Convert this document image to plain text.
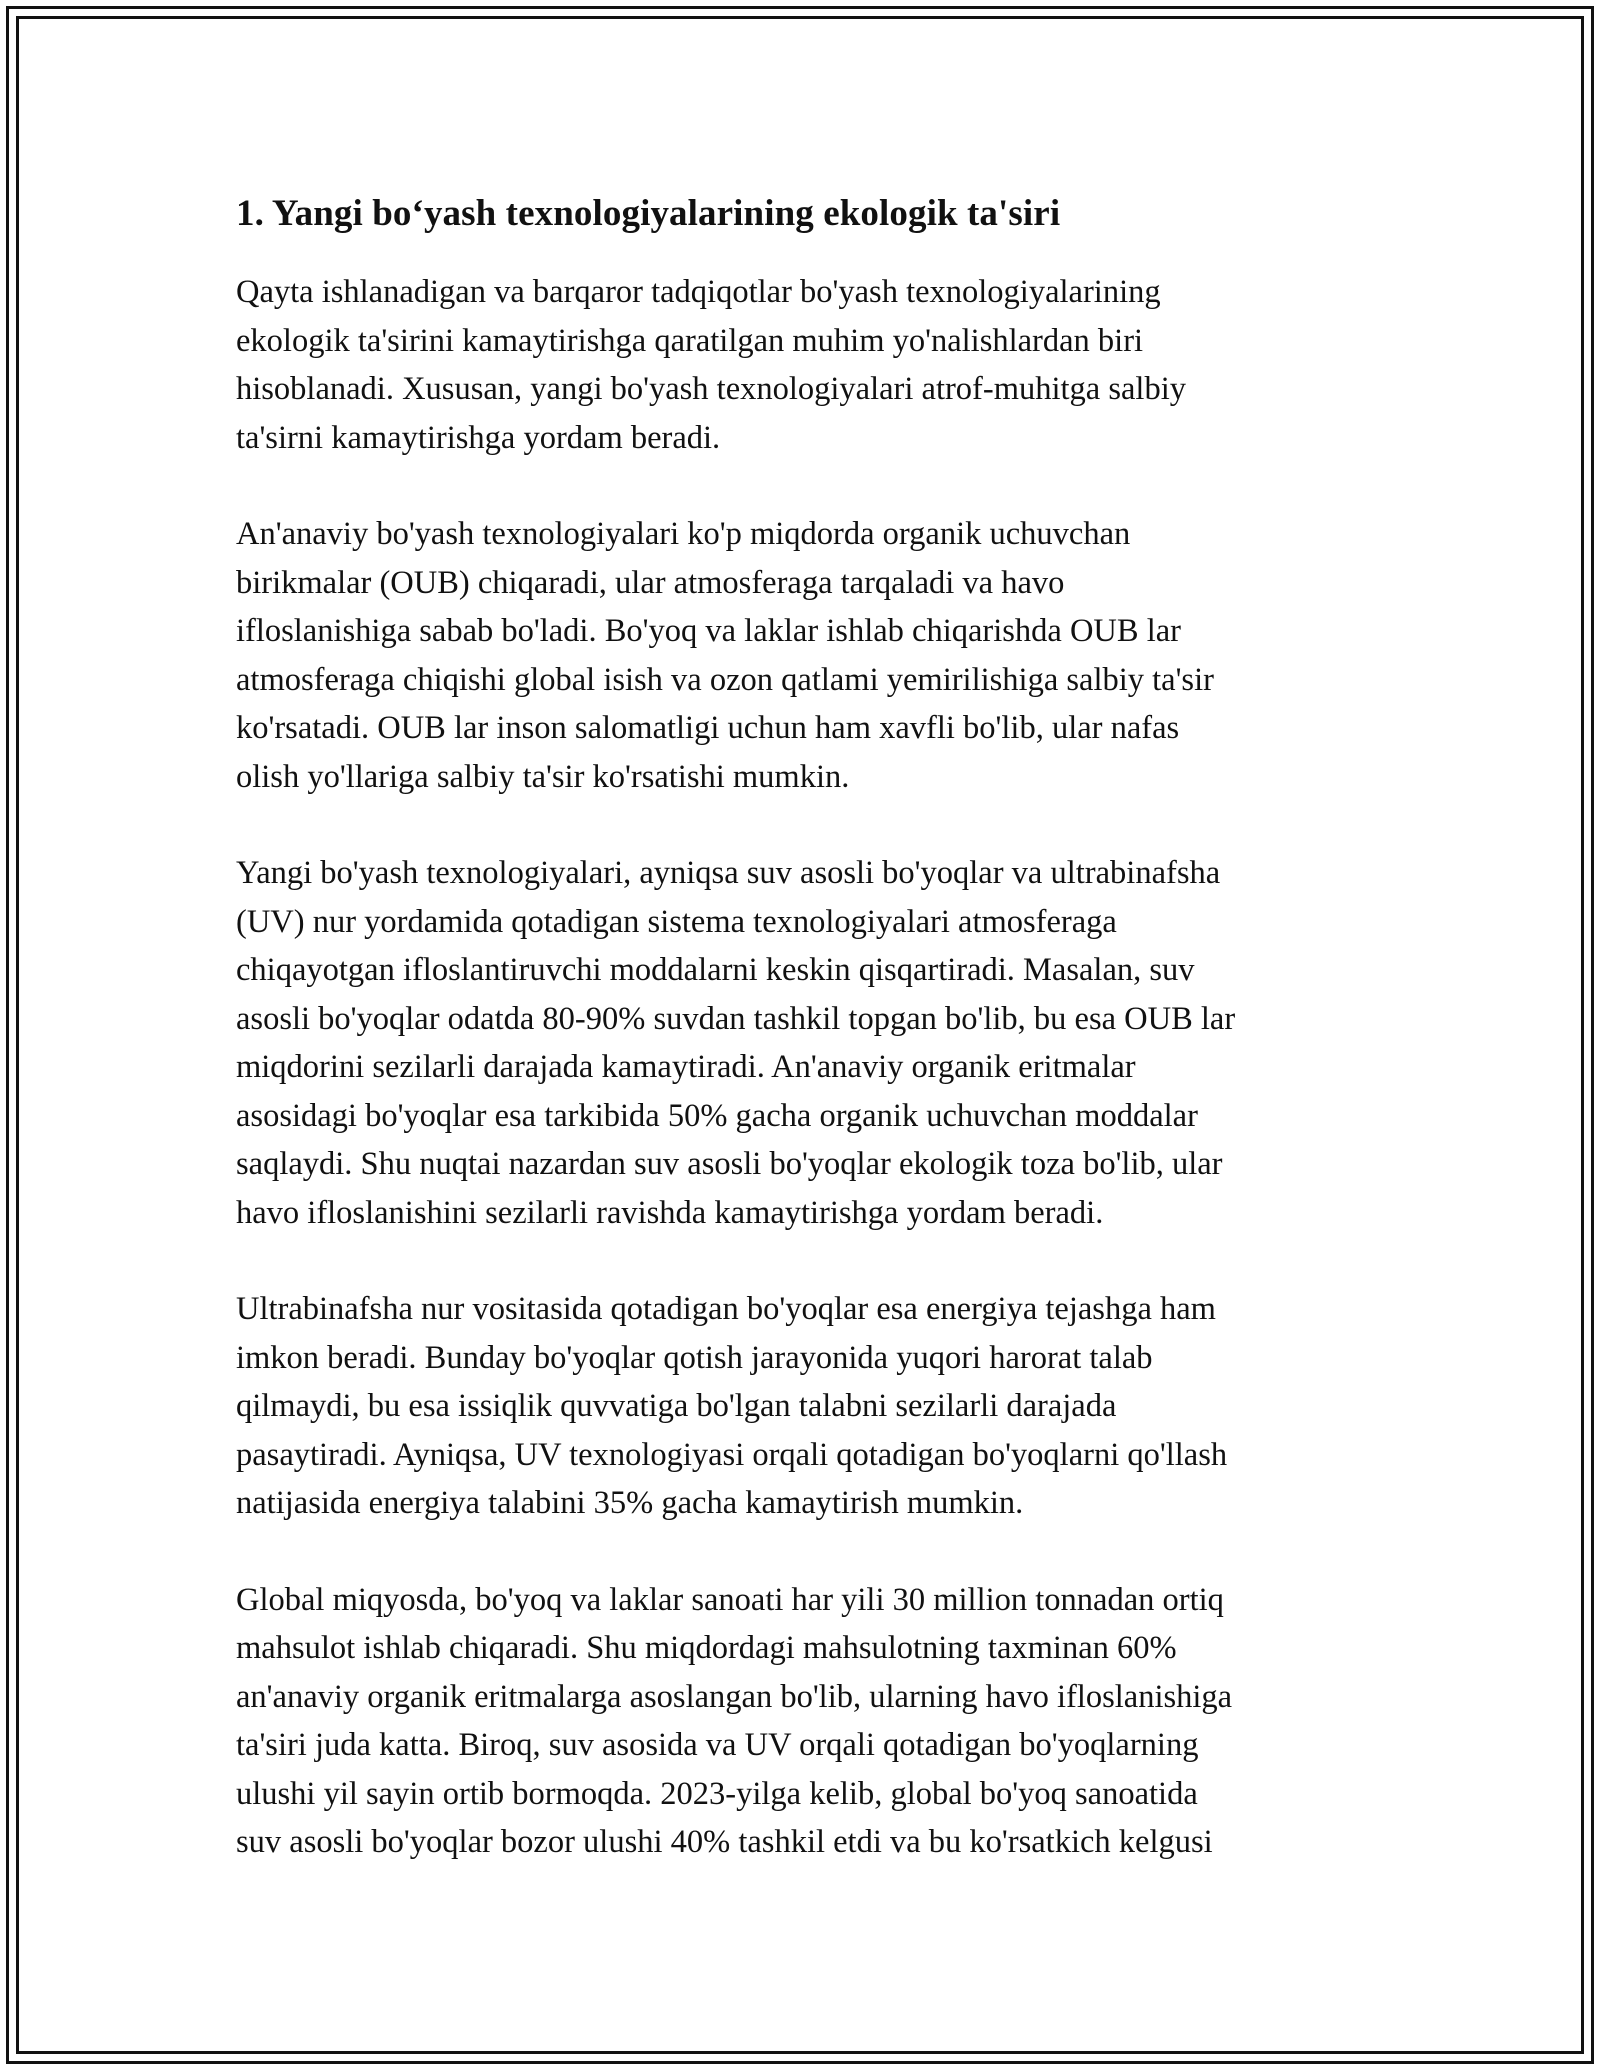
1. Yangi bo‘yash texnologiyalarining ekologik ta'siri

Qayta ishlanadigan va barqaror tadqiqotlar bo'yash texnologiyalarining
ekologik ta'sirini kamaytirishga qaratilgan muhim yo'nalishlardan biri
hisoblanadi. Xususan, yangi bo'yash texnologiyalari atrof-muhitga salbiy
ta'sirni kamaytirishga yordam beradi.

An'anaviy bo'yash texnologiyalari ko'p miqdorda organik uchuvchan
birikmalar (OUB) chiqaradi, ular atmosferaga tarqaladi va havo
ifloslanishiga sabab bo'ladi. Bo'yoq va laklar ishlab chiqarishda OUB lar
atmosferaga chiqishi global isish va ozon qatlami yemirilishiga salbiy ta'sir
ko'rsatadi. OUB lar inson salomatligi uchun ham xavfli bo'lib, ular nafas
olish yo'llariga salbiy ta'sir ko'rsatishi mumkin.

Yangi bo'yash texnologiyalari, ayniqsa suv asosli bo'yoqlar va ultrabinafsha
(UV) nur yordamida qotadigan sistema texnologiyalari atmosferaga
chiqayotgan ifloslantiruvchi moddalarni keskin qisqartiradi. Masalan, suv
asosli bo'yoqlar odatda 80-90% suvdan tashkil topgan bo'lib, bu esa OUB lar
miqdorini sezilarli darajada kamaytiradi. An'anaviy organik eritmalar
asosidagi bo'yoqlar esa tarkibida 50% gacha organik uchuvchan moddalar
saqlaydi. Shu nuqtai nazardan suv asosli bo'yoqlar ekologik toza bo'lib, ular
havo ifloslanishini sezilarli ravishda kamaytirishga yordam beradi.

Ultrabinafsha nur vositasida qotadigan bo'yoqlar esa energiya tejashga ham
imkon beradi. Bunday bo'yoqlar qotish jarayonida yuqori harorat talab
qilmaydi, bu esa issiqlik quvvatiga bo'lgan talabni sezilarli darajada
pasaytiradi. Ayniqsa, UV texnologiyasi orqali qotadigan bo'yoqlarni qo'llash
natijasida energiya talabini 35% gacha kamaytirish mumkin.

Global miqyosda, bo'yoq va laklar sanoati har yili 30 million tonnadan ortiq
mahsulot ishlab chiqaradi. Shu miqdordagi mahsulotning taxminan 60%
an'anaviy organik eritmalarga asoslangan bo'lib, ularning havo ifloslanishiga
ta'siri juda katta. Biroq, suv asosida va UV orqali qotadigan bo'yoqlarning
ulushi yil sayin ortib bormoqda. 2023-yilga kelib, global bo'yoq sanoatida
suv asosli bo'yoqlar bozor ulushi 40% tashkil etdi va bu ko'rsatkich kelgusi
